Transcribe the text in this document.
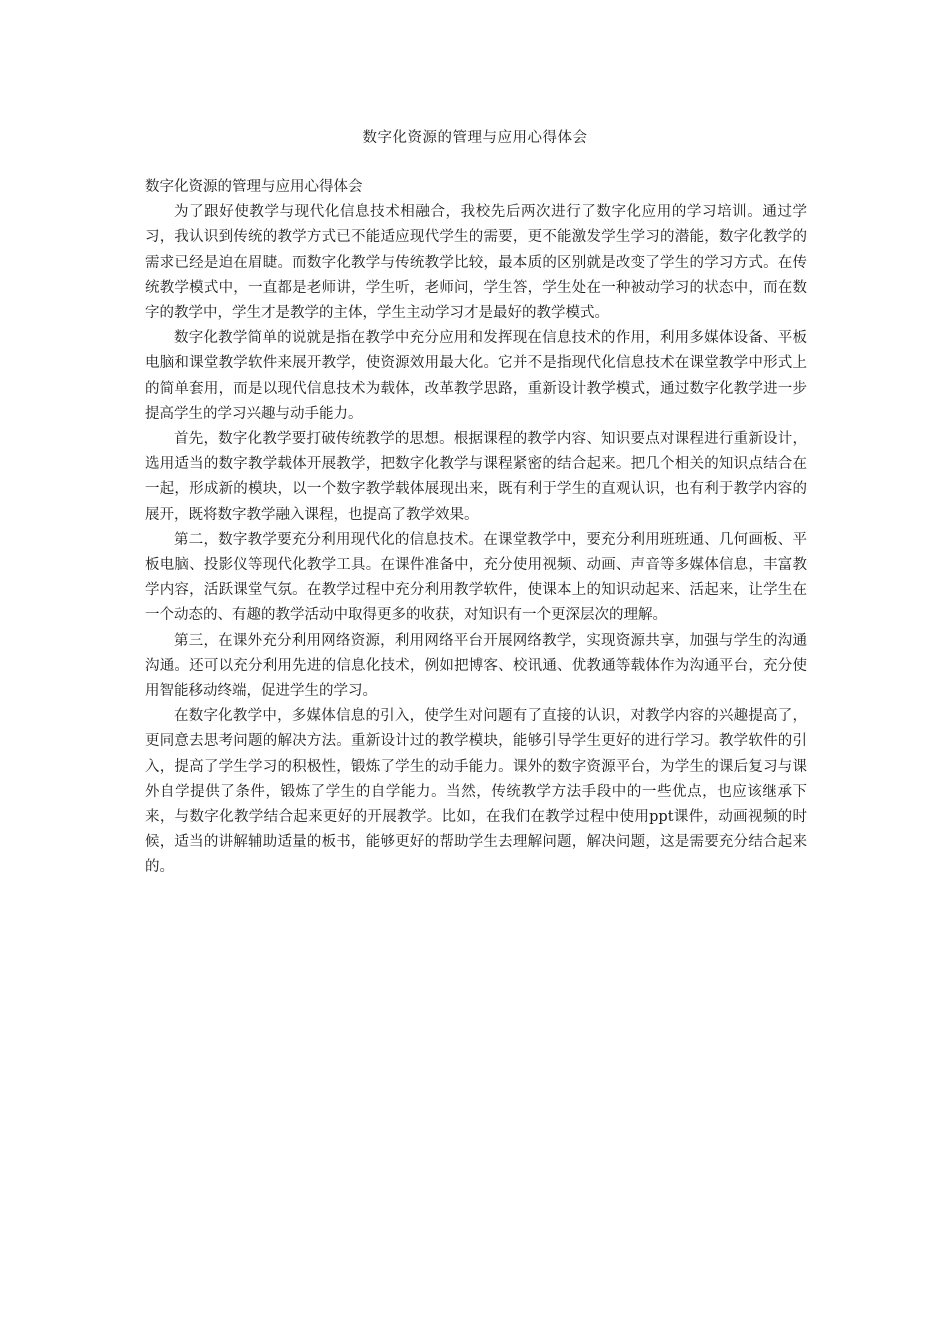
数字化资源的管理与应用心得体会

数字化资源的管理与应用心得体会

为了跟好使教学与现代化信息技术相融合，我校先后两次进行了数字化应用的学习培训。通过学习，我认识到传统的教学方式已不能适应现代学生的需要，更不能激发学生学习的潜能，数字化教学的需求已经是迫在眉睫。而数字化教学与传统教学比较，最本质的区别就是改变了学生的学习方式。在传统教学模式中，一直都是老师讲，学生听，老师问，学生答，学生处在一种被动学习的状态中，而在数字的教学中，学生才是教学的主体，学生主动学习才是最好的教学模式。

数字化教学简单的说就是指在教学中充分应用和发挥现在信息技术的作用，利用多媒体设备、平板电脑和课堂教学软件来展开教学，使资源效用最大化。它并不是指现代化信息技术在课堂教学中形式上的简单套用，而是以现代信息技术为载体，改革教学思路，重新设计教学模式，通过数字化教学进一步提高学生的学习兴趣与动手能力。

首先，数字化教学要打破传统教学的思想。根据课程的教学内容、知识要点对课程进行重新设计，选用适当的数字教学载体开展教学，把数字化教学与课程紧密的结合起来。把几个相关的知识点结合在一起，形成新的模块，以一个数字教学载体展现出来，既有利于学生的直观认识，也有利于教学内容的展开，既将数字教学融入课程，也提高了教学效果。

第二，数字教学要充分利用现代化的信息技术。在课堂教学中，要充分利用班班通、几何画板、平板电脑、投影仪等现代化教学工具。在课件准备中，充分使用视频、动画、声音等多媒体信息，丰富教学内容，活跃课堂气氛。在教学过程中充分利用教学软件，使课本上的知识动起来、活起来，让学生在一个动态的、有趣的教学活动中取得更多的收获，对知识有一个更深层次的理解。

第三，在课外充分利用网络资源，利用网络平台开展网络教学，实现资源共享，加强与学生的沟通沟通。还可以充分利用先进的信息化技术，例如把博客、校讯通、优教通等载体作为沟通平台，充分使用智能移动终端，促进学生的学习。

在数字化教学中，多媒体信息的引入，使学生对问题有了直接的认识，对教学内容的兴趣提高了，更同意去思考问题的解决方法。重新设计过的教学模块，能够引导学生更好的进行学习。教学软件的引入，提高了学生学习的积极性，锻炼了学生的动手能力。课外的数字资源平台，为学生的课后复习与课外自学提供了条件，锻炼了学生的自学能力。当然，传统教学方法手段中的一些优点，也应该继承下来，与数字化教学结合起来更好的开展教学。比如，在我们在教学过程中使用ppt课件，动画视频的时候，适当的讲解辅助适量的板书，能够更好的帮助学生去理解问题，解决问题，这是需要充分结合起来的。
